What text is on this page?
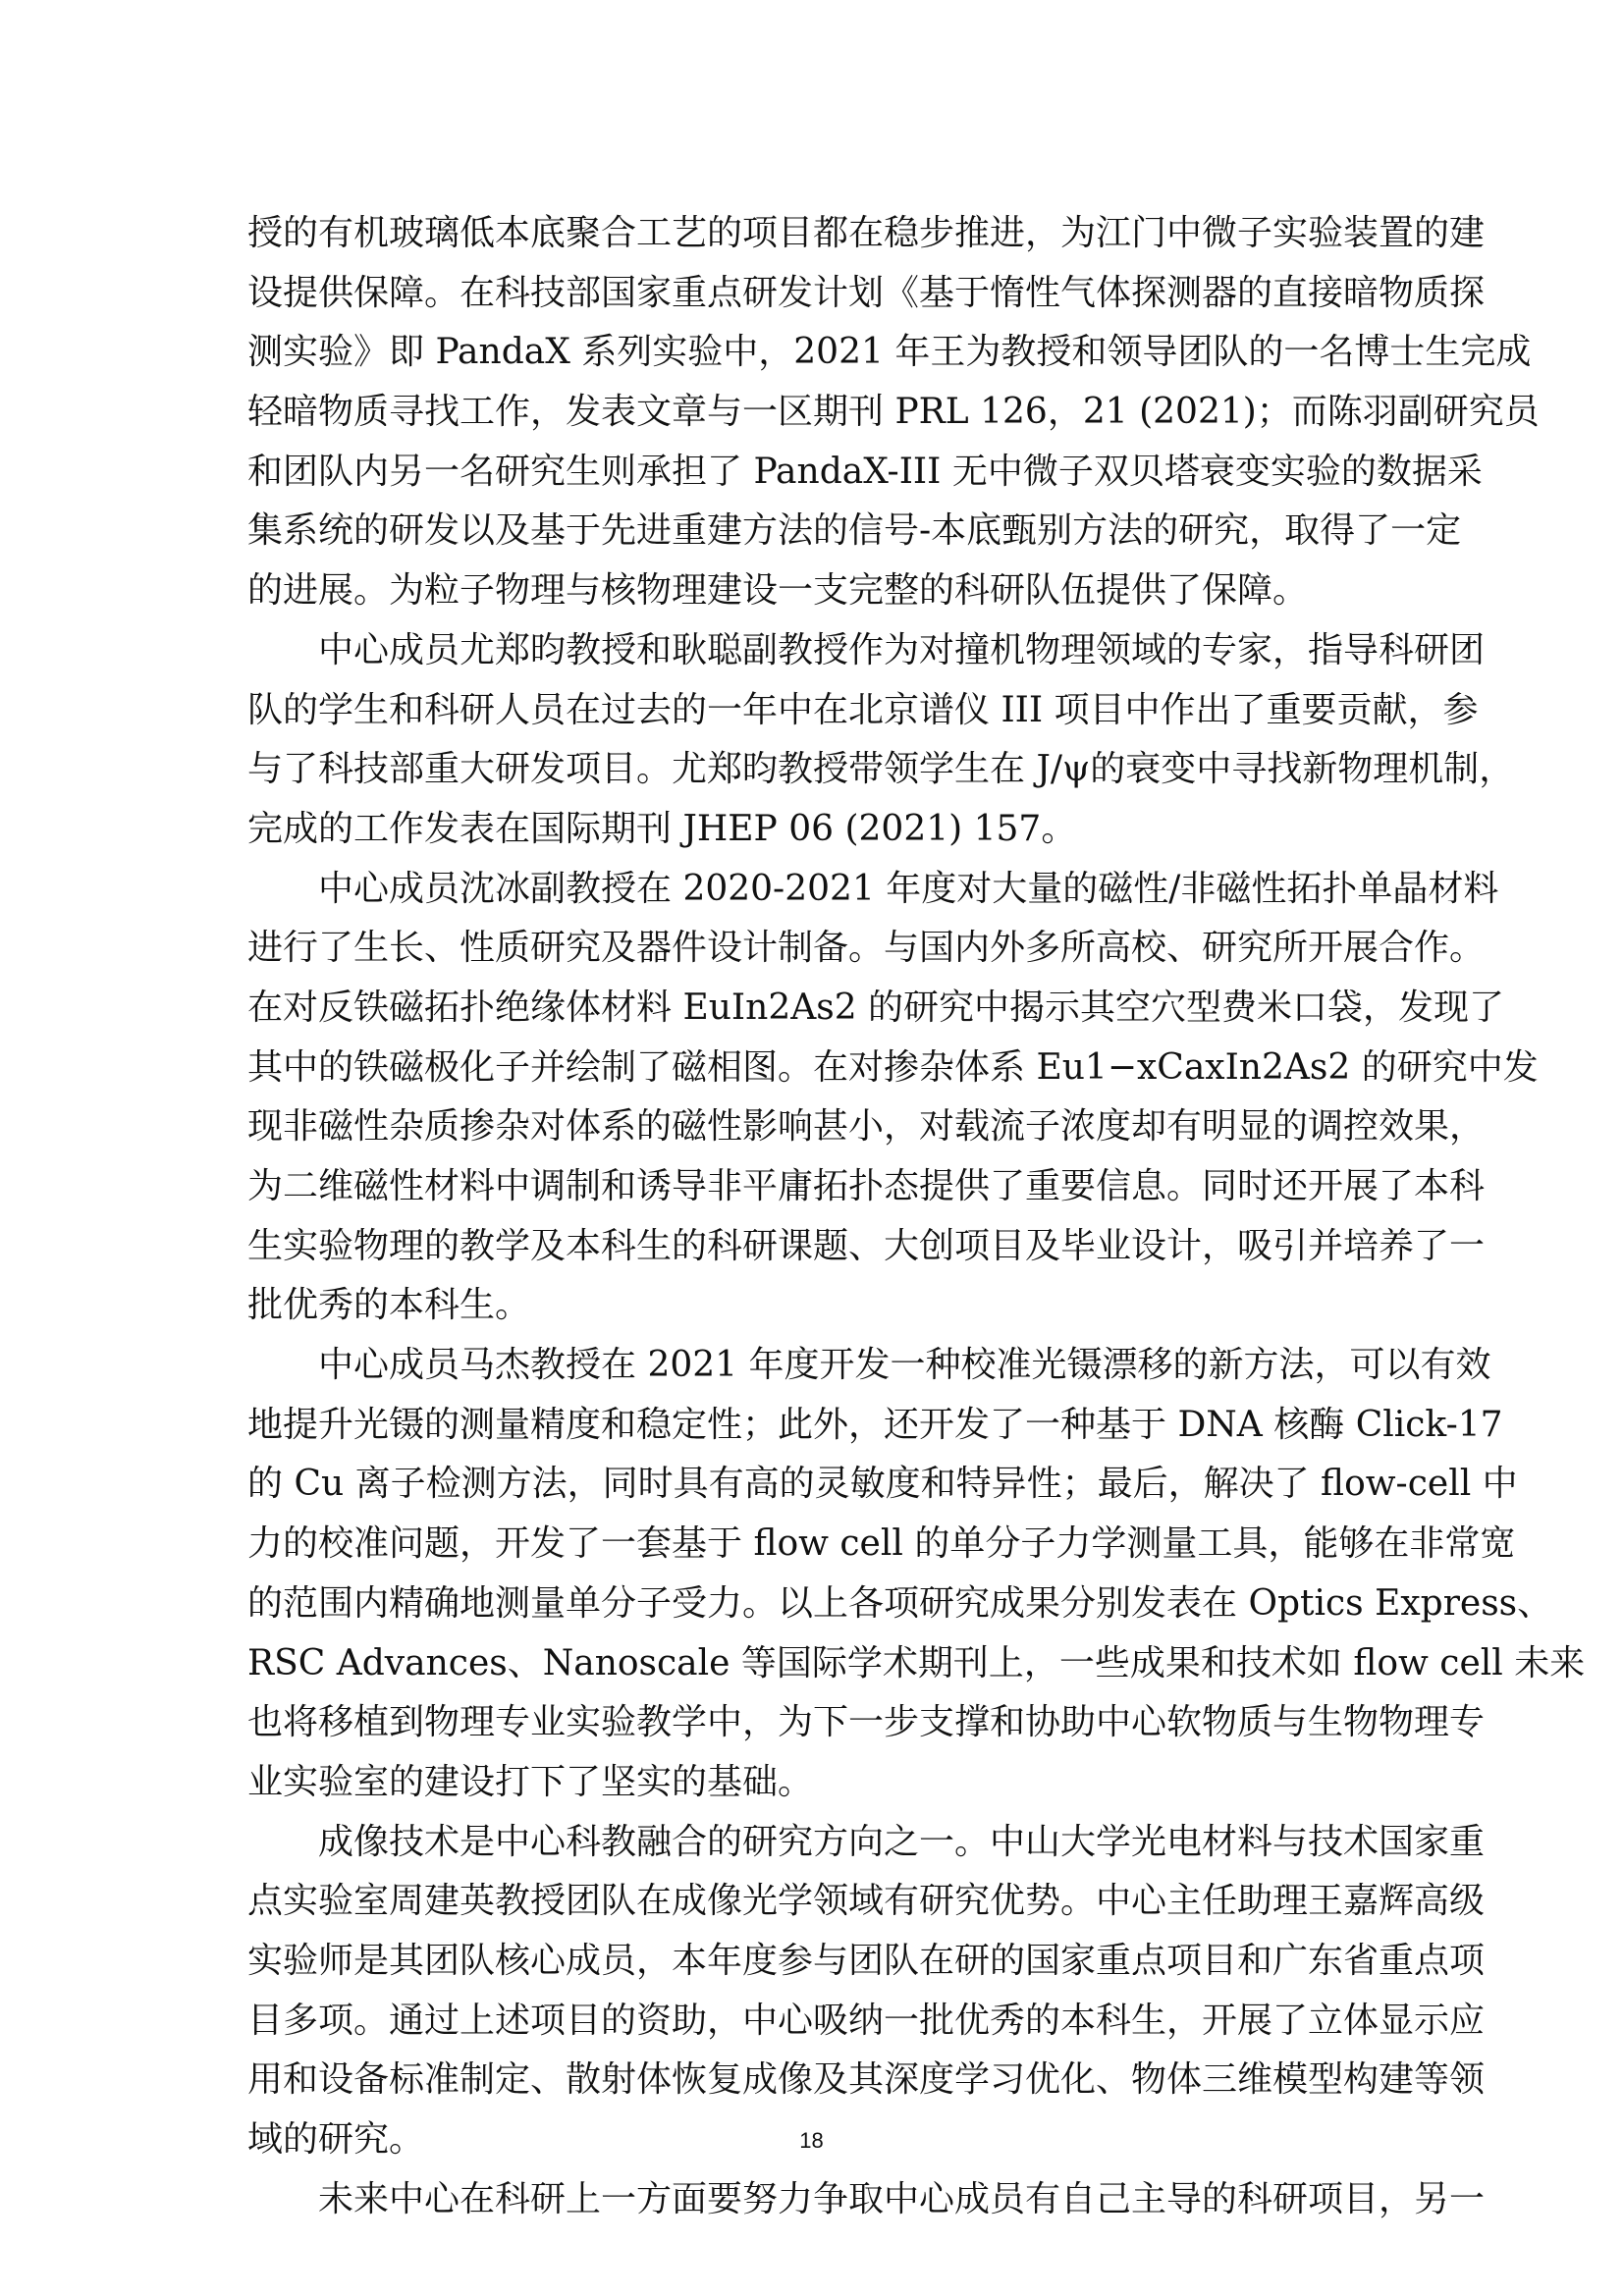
授的有机玻璃低本底聚合工艺的项目都在稳步推进，为江门中微子实验装置的建
设提供保障。在科技部国家重点研发计划《基于惰性气体探测器的直接暗物质探
测实验》即 PandaX 系列实验中，2021 年王为教授和领导团队的一名博士生完成
轻暗物质寻找工作，发表文章与一区期刊 PRL 126，21 (2021)；而陈羽副研究员
和团队内另一名研究生则承担了 PandaX-III 无中微子双贝塔衰变实验的数据采
集系统的研发以及基于先进重建方法的信号-本底甄别方法的研究，取得了一定
的进展。为粒子物理与核物理建设一支完整的科研队伍提供了保障。
中心成员尤郑昀教授和耿聪副教授作为对撞机物理领域的专家，指导科研团
队的学生和科研人员在过去的一年中在北京谱仪 III 项目中作出了重要贡献，参
与了科技部重大研发项目。尤郑昀教授带领学生在 J/ψ的衰变中寻找新物理机制，
完成的工作发表在国际期刊 JHEP 06 (2021) 157。
中心成员沈冰副教授在 2020-2021 年度对大量的磁性/非磁性拓扑单晶材料
进行了生长、性质研究及器件设计制备。与国内外多所高校、研究所开展合作。
在对反铁磁拓扑绝缘体材料 EuIn2As2 的研究中揭示其空穴型费米口袋，发现了
其中的铁磁极化子并绘制了磁相图。在对掺杂体系 Eu1−xCaxIn2As2 的研究中发
现非磁性杂质掺杂对体系的磁性影响甚小，对载流子浓度却有明显的调控效果，
为二维磁性材料中调制和诱导非平庸拓扑态提供了重要信息。同时还开展了本科
生实验物理的教学及本科生的科研课题、大创项目及毕业设计，吸引并培养了一
批优秀的本科生。
中心成员马杰教授在 2021 年度开发一种校准光镊漂移的新方法，可以有效
地提升光镊的测量精度和稳定性；此外，还开发了一种基于 DNA 核酶 Click-17
的 Cu 离子检测方法，同时具有高的灵敏度和特异性；最后，解决了 flow-cell 中
力的校准问题，开发了一套基于 flow cell 的单分子力学测量工具，能够在非常宽
的范围内精确地测量单分子受力。以上各项研究成果分别发表在 Optics Express、
RSC Advances、Nanoscale 等国际学术期刊上，一些成果和技术如 flow cell 未来
也将移植到物理专业实验教学中，为下一步支撑和协助中心软物质与生物物理专
业实验室的建设打下了坚实的基础。
成像技术是中心科教融合的研究方向之一。中山大学光电材料与技术国家重
点实验室周建英教授团队在成像光学领域有研究优势。中心主任助理王嘉辉高级
实验师是其团队核心成员，本年度参与团队在研的国家重点项目和广东省重点项
目多项。通过上述项目的资助，中心吸纳一批优秀的本科生，开展了立体显示应
用和设备标准制定、散射体恢复成像及其深度学习优化、物体三维模型构建等领
域的研究。
未来中心在科研上一方面要努力争取中心成员有自己主导的科研项目，另一
18
